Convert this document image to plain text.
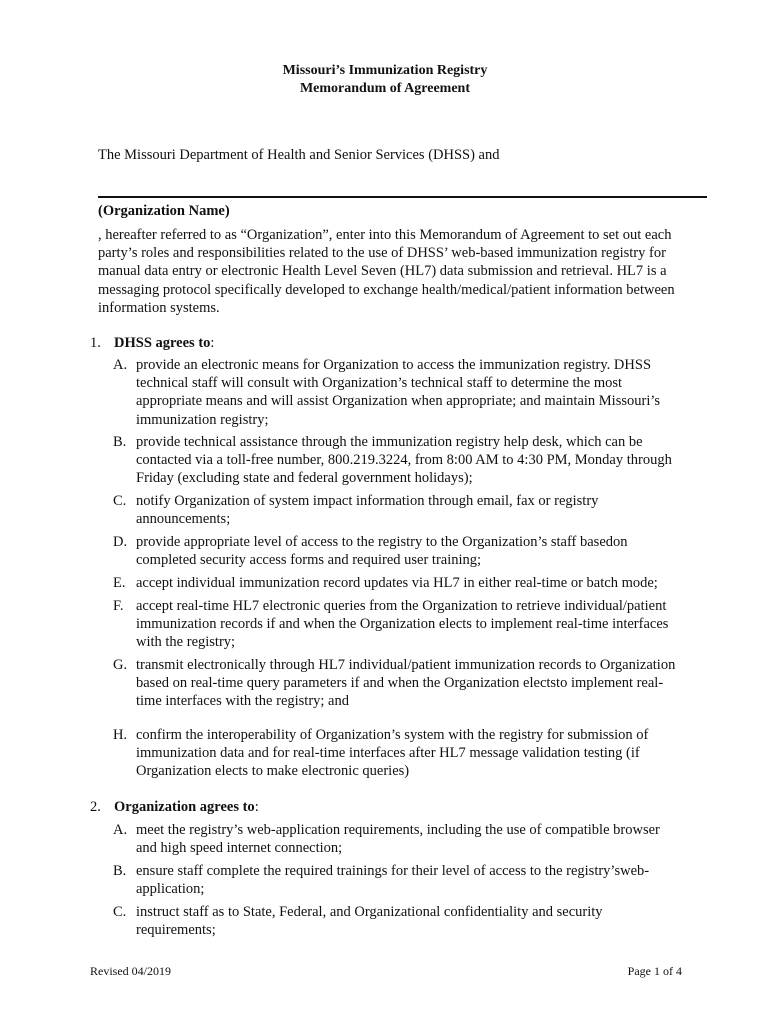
Missouri’s Immunization Registry
Memorandum of Agreement
The Missouri Department of Health and Senior Services (DHSS) and
(Organization Name)
, hereafter referred to as “Organization”, enter into this Memorandum of Agreement to set out each party’s roles and responsibilities related to the use of DHSS’ web-based immunization registry for manual data entry or electronic Health Level Seven (HL7) data submission and retrieval. HL7 is a messaging protocol specifically developed to exchange health/medical/patient information between information systems.
1. DHSS agrees to:
A. provide an electronic means for Organization to access the immunization registry. DHSS technical staff will consult with Organization’s technical staff to determine the most appropriate means and will assist Organization when appropriate; and maintain Missouri’s immunization registry;
B. provide technical assistance through the immunization registry help desk, which can be contacted via a toll-free number, 800.219.3224, from 8:00 AM to 4:30 PM, Monday through Friday (excluding state and federal government holidays);
C. notify Organization of system impact information through email, fax or registry announcements;
D. provide appropriate level of access to the registry to the Organization’s staff basedon completed security access forms and required user training;
E. accept individual immunization record updates via HL7 in either real-time or batch mode;
F. accept real-time HL7 electronic queries from the Organization to retrieve individual/patient immunization records if and when the Organization elects to implement real-time interfaces with the registry;
G. transmit electronically through HL7 individual/patient immunization records to Organization based on real-time query parameters if and when the Organization electsto implement real-time interfaces with the registry; and
H. confirm the interoperability of Organization’s system with the registry for submission of immunization data and for real-time interfaces after HL7 message validation testing (if Organization elects to make electronic queries)
2. Organization agrees to:
A. meet the registry’s web-application requirements, including the use of compatible browser and high speed internet connection;
B. ensure staff complete the required trainings for their level of access to the registry’sweb-application;
C. instruct staff as to State, Federal, and Organizational confidentiality and security requirements;
Revised 04/2019	Page 1 of 4
